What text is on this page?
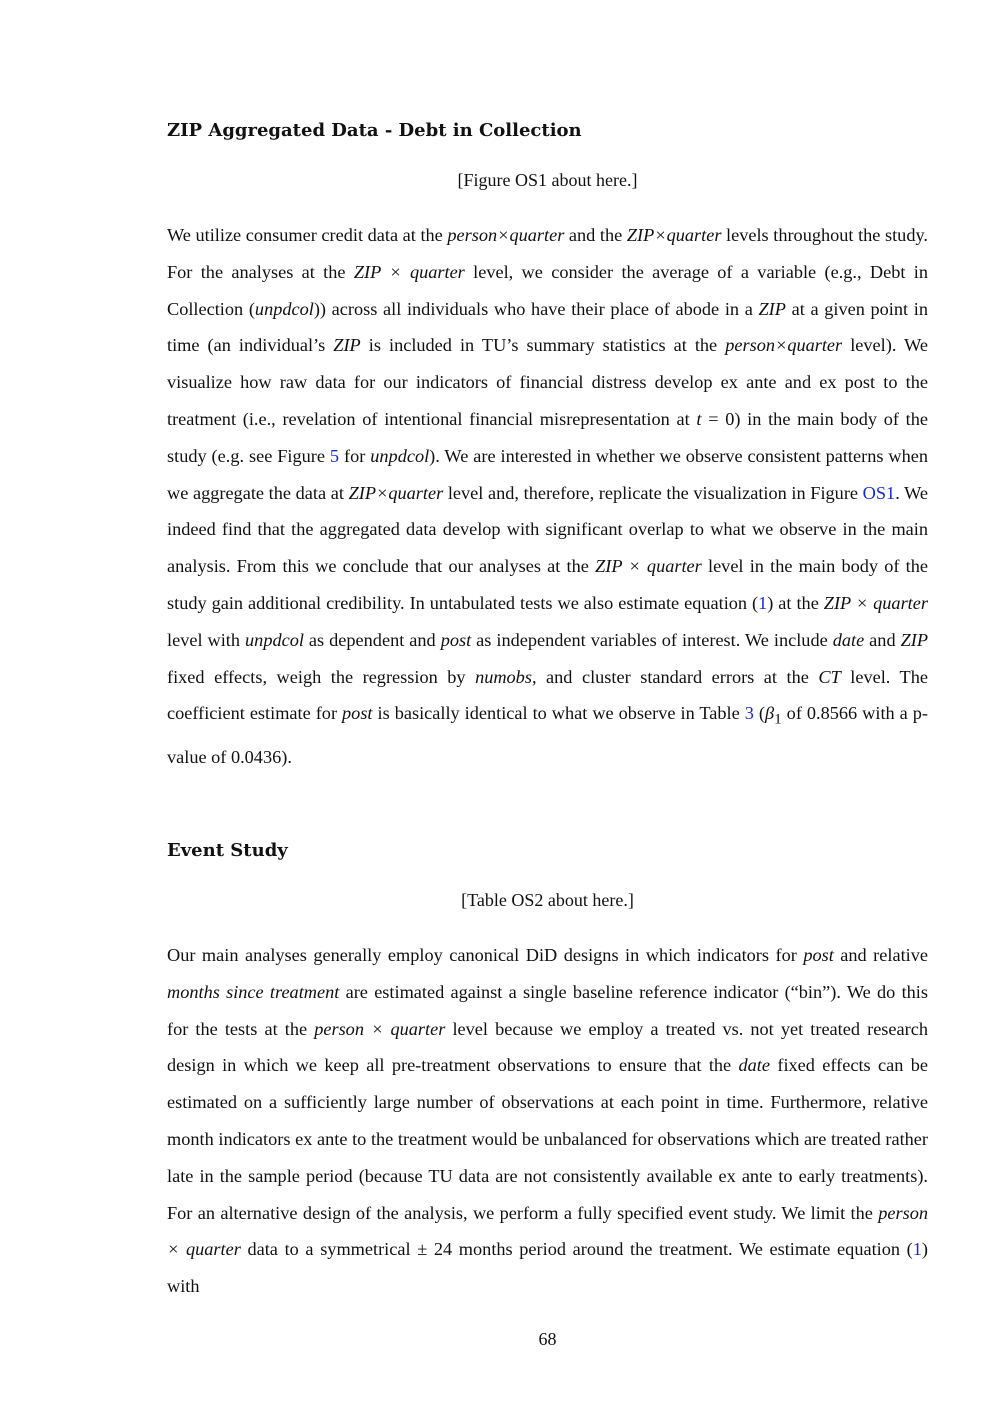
ZIP Aggregated Data - Debt in Collection
[Figure OS1 about here.]

We utilize consumer credit data at the person×quarter and the ZIP×quarter levels throughout the study. For the analyses at the ZIP × quarter level, we consider the average of a variable (e.g., Debt in Collection (unpdcol)) across all individuals who have their place of abode in a ZIP at a given point in time (an individual’s ZIP is included in TU’s summary statistics at the person×quarter level). We visualize how raw data for our indicators of financial distress develop ex ante and ex post to the treatment (i.e., revelation of intentional financial misrepresentation at t = 0) in the main body of the study (e.g. see Figure 5 for unpdcol). We are interested in whether we observe consistent patterns when we aggregate the data at ZIP×quarter level and, therefore, replicate the visualization in Figure OS1. We indeed find that the aggregated data develop with significant overlap to what we observe in the main analysis. From this we conclude that our analyses at the ZIP × quarter level in the main body of the study gain additional credibility. In untabulated tests we also estimate equation (1) at the ZIP × quarter level with unpdcol as dependent and post as independent variables of interest. We include date and ZIP fixed effects, weigh the regression by numobs, and cluster standard errors at the CT level. The coefficient estimate for post is basically identical to what we observe in Table 3 ($\beta_1$ of 0.8566 with a p-value of 0.0436).

Event Study
[Table OS2 about here.]

Our main analyses generally employ canonical DiD designs in which indicators for post and relative months since treatment are estimated against a single baseline reference indicator (“bin”). We do this for the tests at the person × quarter level because we employ a treated vs. not yet treated research design in which we keep all pre-treatment observations to ensure that the date fixed effects can be estimated on a sufficiently large number of observations at each point in time. Furthermore, relative month indicators ex ante to the treatment would be unbalanced for observations which are treated rather late in the sample period (because TU data are not consistently available ex ante to early treatments). For an alternative design of the analysis, we perform a fully specified event study. We limit the person × quarter data to a symmetrical ± 24 months period around the treatment. We estimate equation (1) with

68
